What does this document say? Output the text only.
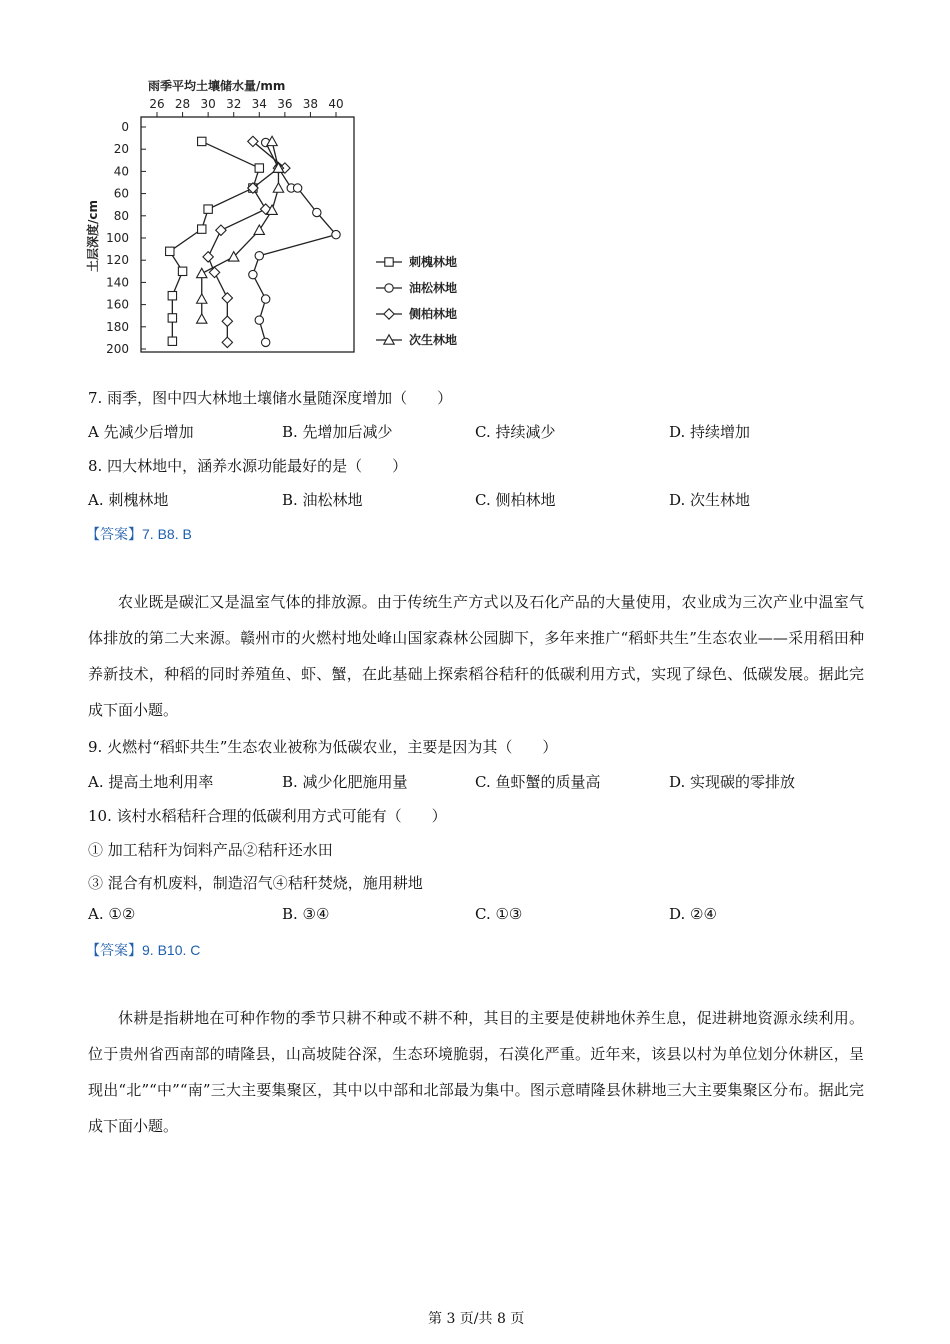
雨季平均土壤储水量/mm
26 28 30 32 34 36 38 40
0
20
40
60
80
100
120
140
160
180
200
土层深度/cm	刺槐林地
油松林地
侧柏林地
次生林地
7. 雨季，图中四大林地土壤储水量随深度增加（　　）
A 先减少后增加	B. 先增加后减少	C. 持续减少	D. 持续增加
8. 四大林地中，涵养水源功能最好的是（　　）
A. 刺槐林地	B. 油松林地	C. 侧柏林地	D. 次生林地
【答案】7. B8. B
农业既是碳汇又是温室气体的排放源。由于传统生产方式以及石化产品的大量使用，农业成为三次产业中温室气体排放的第二大来源。赣州市的火燃村地处峰山国家森林公园脚下，多年来推广“稻虾共生”生态农业——采用稻田种养新技术，种稻的同时养殖鱼、虾、蟹，在此基础上探索稻谷秸秆的低碳利用方式，实现了绿色、低碳发展。据此完成下面小题。
9. 火燃村“稻虾共生”生态农业被称为低碳农业，主要是因为其（　　）
A. 提高土地利用率	B. 减少化肥施用量	C. 鱼虾蟹的质量高	D. 实现碳的零排放
10. 该村水稻秸秆合理的低碳利用方式可能有（　　）
① 加工秸秆为饲料产品②秸秆还水田
③ 混合有机废料，制造沼气④秸秆焚烧，施用耕地
A. ①②	B. ③④	C. ①③	D. ②④
【答案】9. B10. C
休耕是指耕地在可种作物的季节只耕不种或不耕不种，其目的主要是使耕地休养生息，促进耕地资源永续利用。位于贵州省西南部的晴隆县，山高坡陡谷深，生态环境脆弱，石漠化严重。近年来，该县以村为单位划分休耕区，呈现出“北”“中”“南”三大主要集聚区，其中以中部和北部最为集中。图示意晴隆县休耕地三大主要集聚区分布。据此完成下面小题。
第 3 页/共 8 页
